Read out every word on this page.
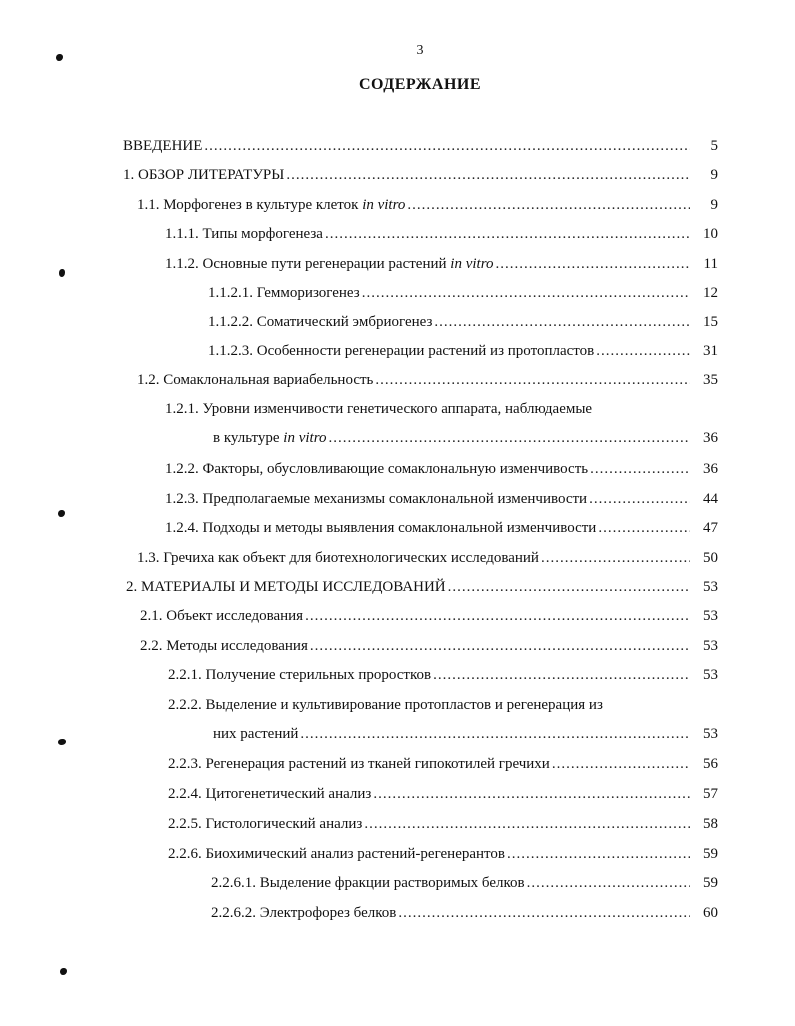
3
СОДЕРЖАНИЕ
ВВЕДЕНИЕ .....	5
1. ОБЗОР ЛИТЕРАТУРЫ .....	9
1.1. Морфогенез в культуре клеток in vitro .....	9
1.1.1. Типы морфогенеза .....	10
1.1.2. Основные пути регенерации растений in vitro .....	11
1.1.2.1. Гемморизогенез .....	12
1.1.2.2. Соматический эмбриогенез .....	15
1.1.2.3. Особенности регенерации растений из протопластов .....	31
1.2. Сомаклональная вариабельность .....	35
1.2.1. Уровни изменчивости генетического аппарата, наблюдаемые
в культуре in vitro .....	36
1.2.2. Факторы, обусловливающие сомаклональную изменчивость .....	36
1.2.3. Предполагаемые механизмы сомаклональной изменчивости .....	44
1.2.4. Подходы и методы выявления сомаклональной изменчивости .....	47
1.3. Гречиха как объект для биотехнологических исследований .....	50
2. МАТЕРИАЛЫ И МЕТОДЫ ИССЛЕДОВАНИЙ .....	53
2.1. Объект исследования .....	53
2.2. Методы исследования .....	53
2.2.1. Получение стерильных проростков .....	53
2.2.2. Выделение и культивирование протопластов и регенерация из
них растений .....	53
2.2.3. Регенерация растений из тканей гипокотилей гречихи .....	56
2.2.4. Цитогенетический анализ .....	57
2.2.5. Гистологический анализ .....	58
2.2.6. Биохимический анализ растений-регенерантов .....	59
2.2.6.1. Выделение фракции растворимых белков .....	59
2.2.6.2. Электрофорез белков .....	60
